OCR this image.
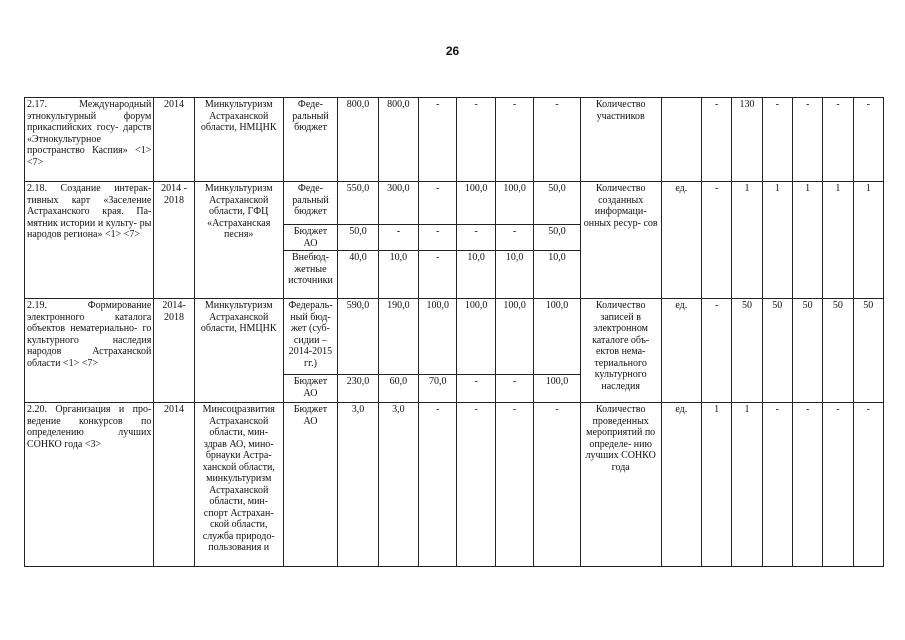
26
2.17. Международный этнокультурный форум прикаспийских госу- дарств «Этнокультурное пространство Каспия» <1> <7>	2014	Минкультуризм Астраханской области, НМЦНК	Феде- ральный бюджет	800,0	800,0	-	-	-	-	Количество участников		-	130	-	-	-	-
2.18. Создание интерак- тивных карт «Заселение Астраханского края. Па- мятник истории и культу- ры народов региона» <1> <7>	2014 - 2018	Минкультуризм Астраханской области, ГФЦ «Астраханская песня»	Феде- ральный бюджет	550,0	300,0	-	100,0	100,0	50,0	Количество созданных информаци- онных ресур- сов	ед.	-	1	1	1	1	1
			Бюджет АО	50,0	-	-	-	-	50,0								
			Внебюд- жетные источники	40,0	10,0	-	10,0	10,0	10,0								
2.19. Формирование электронного каталога объектов нематериально- го культурного наследия народов Астраханской области <1> <7>	2014- 2018	Минкультуризм Астраханской области, НМЦНК	Федераль- ный бюд- жет (суб- сидии – 2014-2015 гг.)	590,0	190,0	100,0	100,0	100,0	100,0	Количество записей в электронном каталоге объ- ектов нема- териального культурного наследия	ед.	-	50	50	50	50	50
			Бюджет АО	230,0	60,0	70,0	-	-	100,0								
2.20. Организация и про- ведение конкурсов по определению лучших СОНКО года <3>	2014	Минсоцразвития Астраханской области, мин- здрав АО, мино- брнауки Астра- ханской области, минкультуризм Астраханской области, мин- спорт Астрахан- ской области, служба природо- пользования и	Бюджет АО	3,0	3,0	-	-	-	-	Количество проведенных мероприятий по определе- нию лучших СОНКО года	ед.	1	1	-	-	-	-
